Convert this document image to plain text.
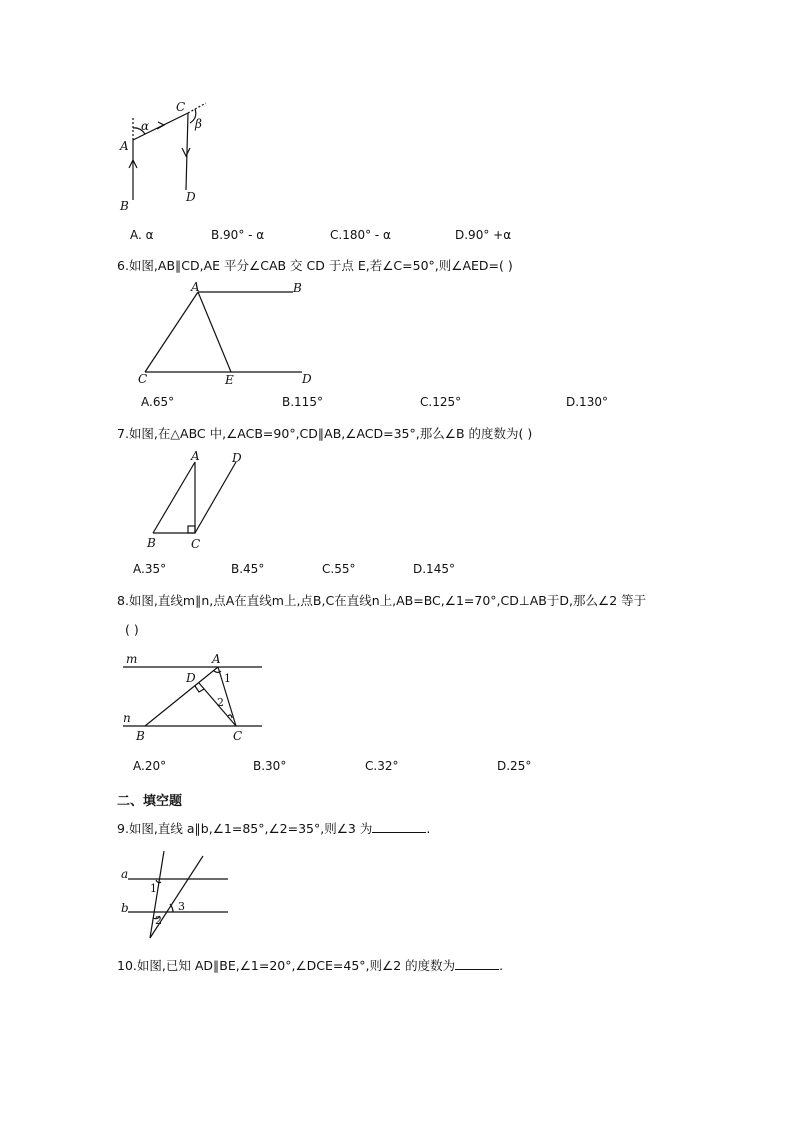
A
B
C
D
α	β
A. α	B.90° - α	C.180° - α	D.90° +α
6.如图,AB∥CD,AE 平分∠CAB 交 CD 于点 E,若∠C=50°,则∠AED=( )
A	B
C	E	D
A.65°	B.115°	C.125°	D.130°
7.如图,在△ABC 中,∠ACB=90°,CD∥AB,∠ACD=35°,那么∠B 的度数为( )
A	D
B	C
A.35°	B.45°	C.55°	D.145°
8.如图,直线m∥n,点A在直线m上,点B,C在直线n上,AB=BC,∠1=70°,CD⊥AB于D,那么∠2 等于
( )
m
n
A
D	1
2
B	C
A.20°	B.30°	C.32°	D.25°
二、填空题
9.如图,直线 a∥b,∠1=85°,∠2=35°,则∠3 为	.
a
b
1
2
3
10.如图,已知 AD∥BE,∠1=20°,∠DCE=45°,则∠2 的度数为	.
